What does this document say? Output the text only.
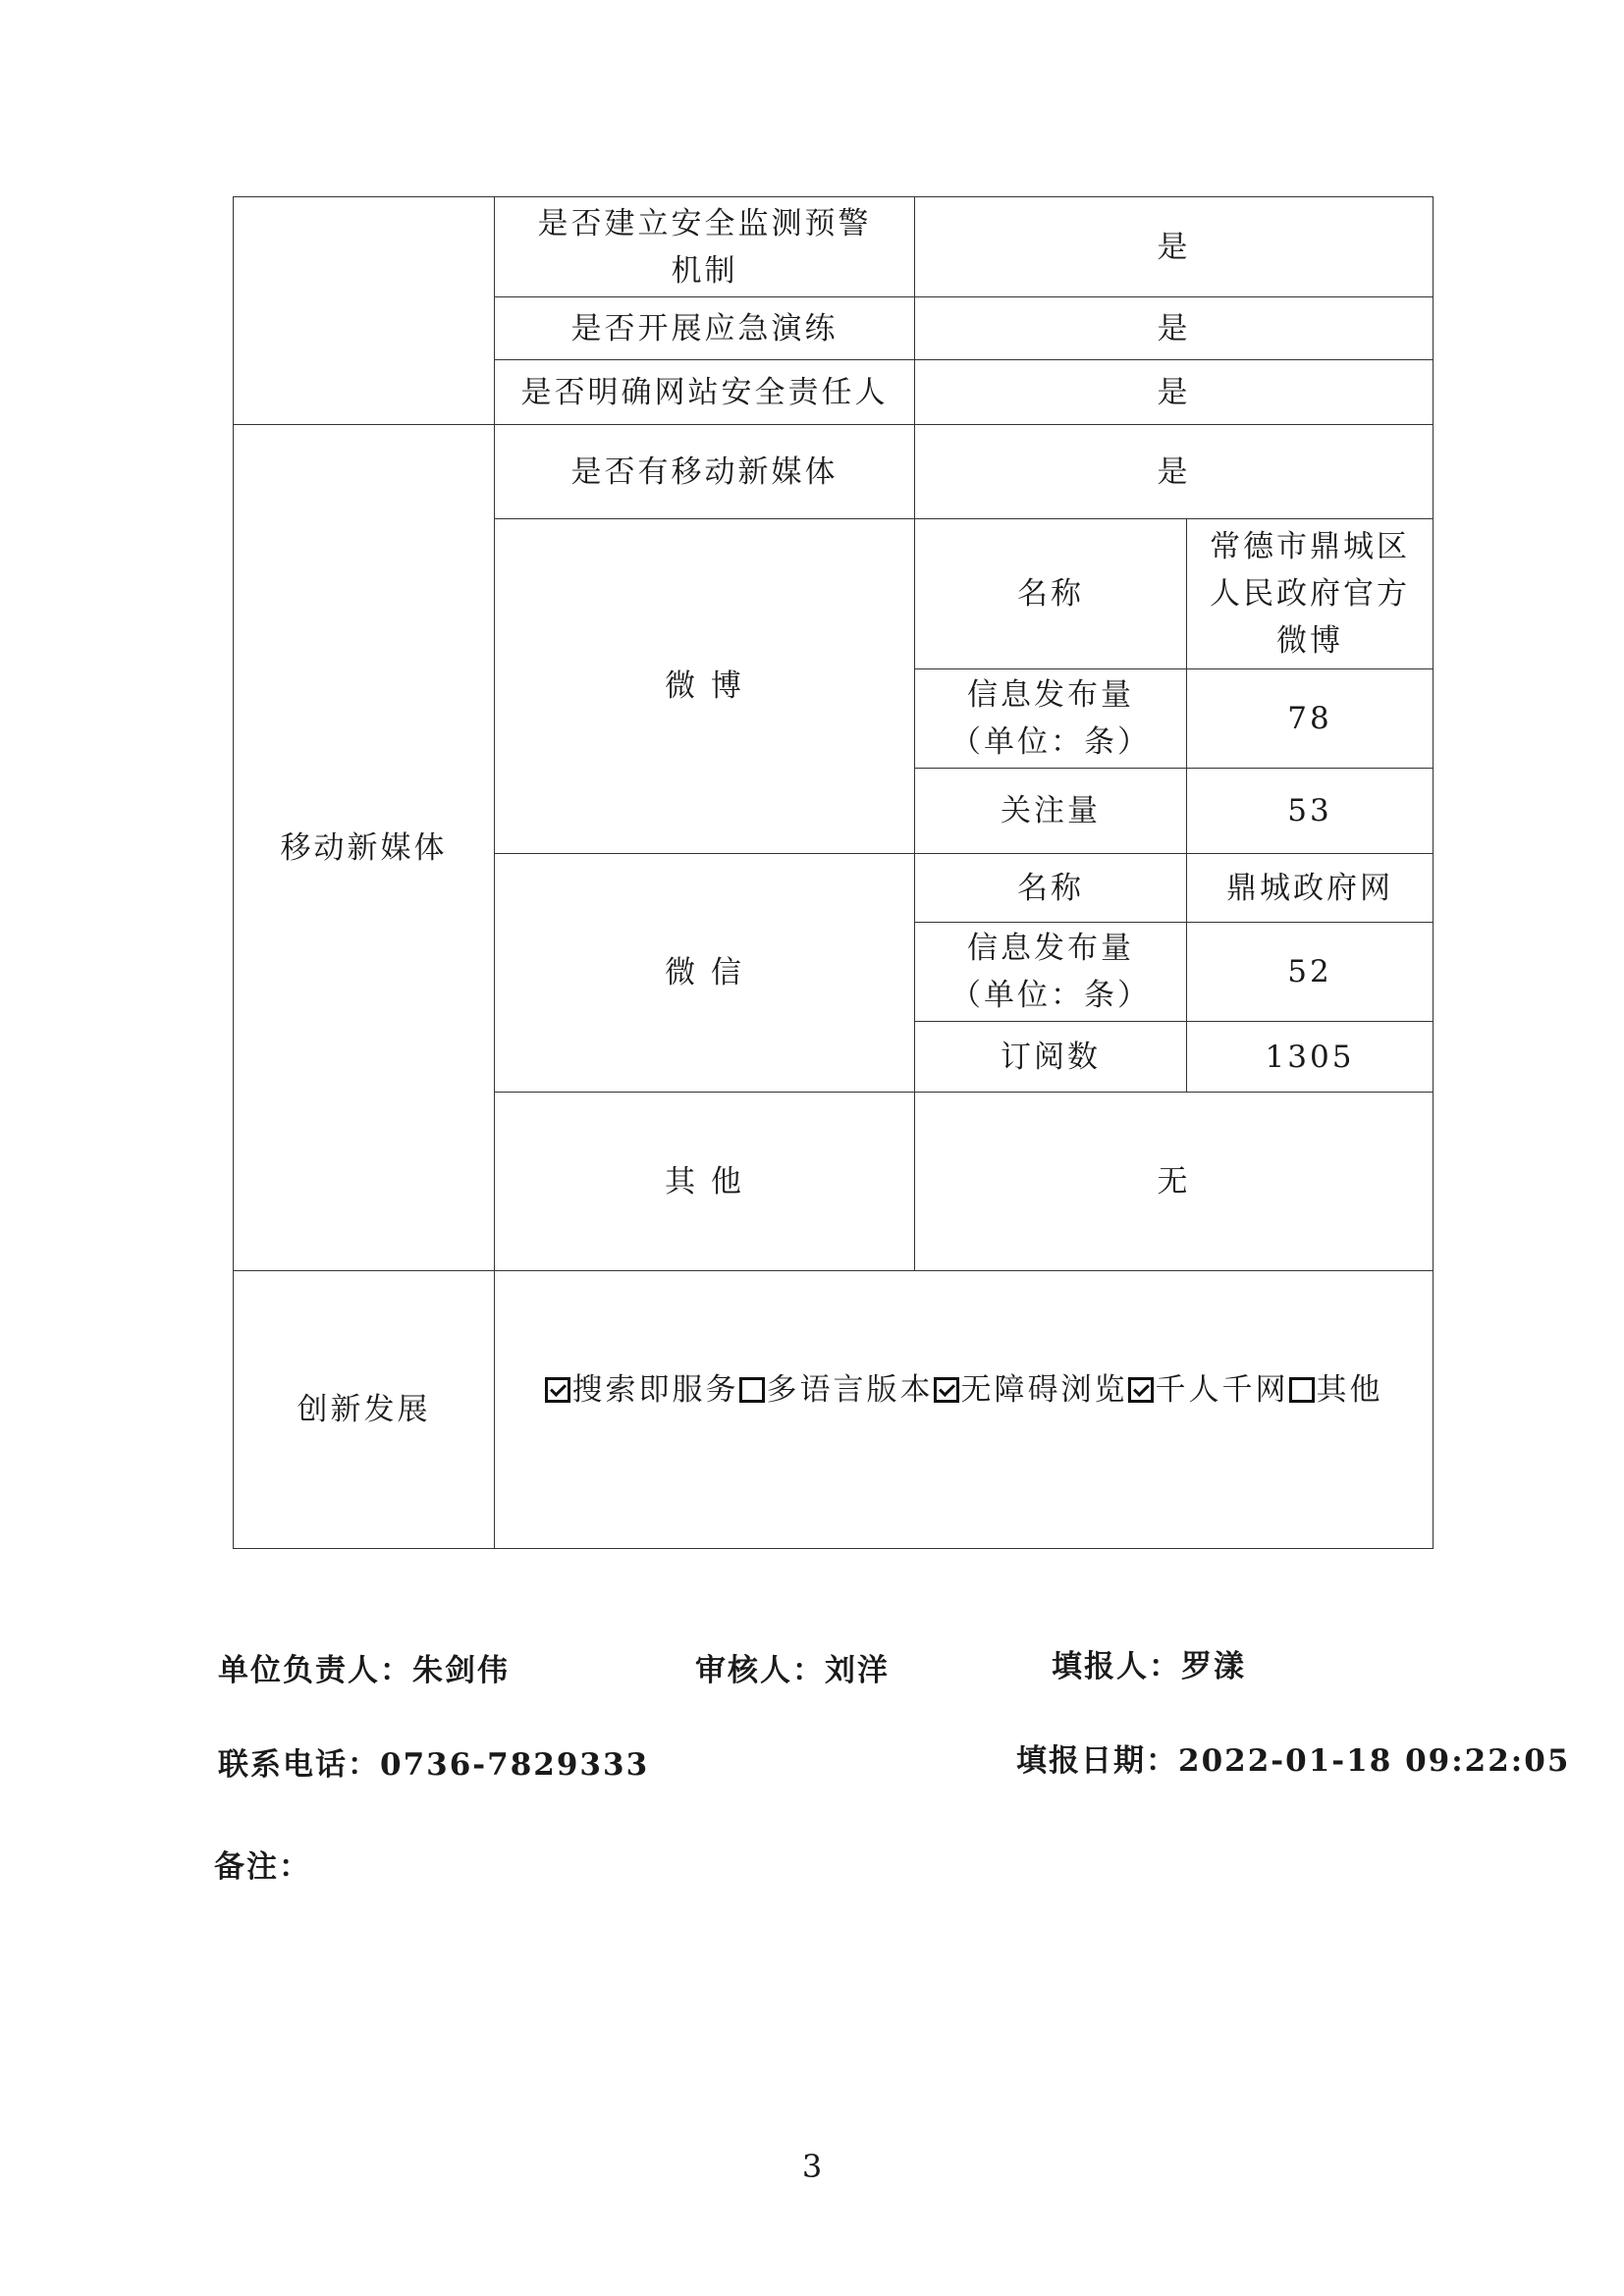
	是否建立安全监测预警机制	是	
	是否开展应急演练	是	
	是否明确网站安全责任人	是	
移动新媒体	是否有移动新媒体	是	
	微 博	名称	常德市鼎城区人民政府官方微博
		信息发布量（单位：条）	78
		关注量	53
	微 信	名称	鼎城政府网
		信息发布量（单位：条）	52
		订阅数	1305
	其 他	无	
创新发展	搜索即服务 多语言版本 无障碍浏览 千人千网 其他		
单位负责人：朱剑伟	审核人：刘洋	填报人：罗漾
联系电话：0736-7829333	填报日期：2022-01-18 09:22:05
备注：
3
